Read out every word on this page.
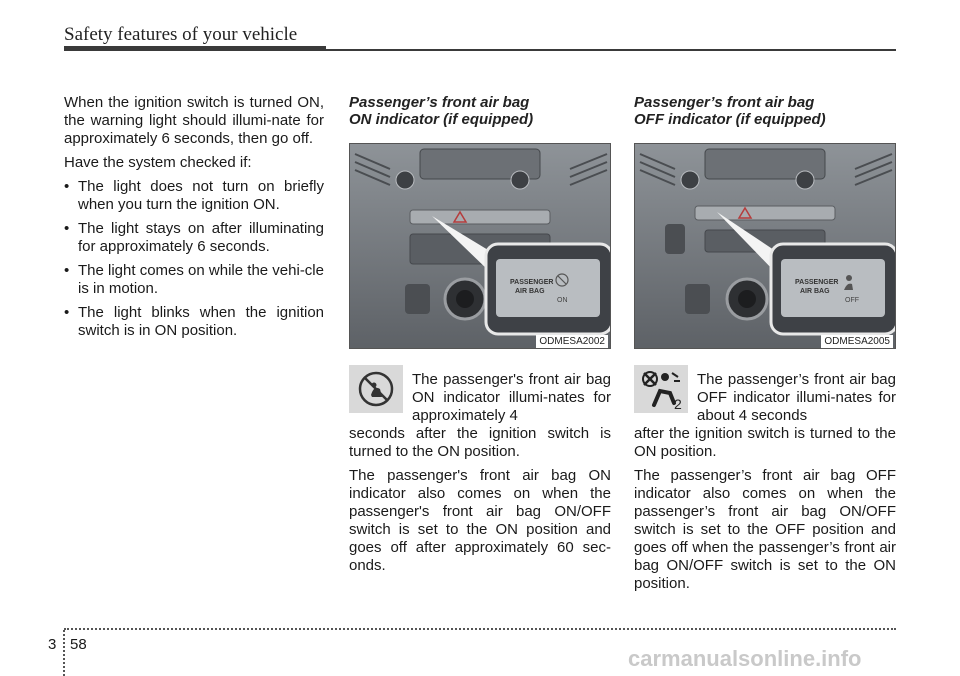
Safety features of your vehicle

When the ignition switch is turned ON, the warning light should illumi-nate for approximately 6 seconds, then go off.

Have the system checked if:

• The light does not turn on briefly when you turn the ignition ON.
• The light stays on after illuminating for approximately 6 seconds.
• The light comes on while the vehi-cle is in motion.
• The light blinks when the ignition switch is in ON position.
Passenger’s front air bag
ON indicator (if equipped)
PASSENGER
AIR BAG
ON
ODMESA2002
The passenger's front air bag ON indicator illumi-nates for approximately 4

seconds after the ignition switch is turned to the ON position.

The passenger's front air bag ON indicator also comes on when the passenger's front air bag ON/OFF switch is set to the ON position and goes off after approximately 60 sec-onds.

Passenger’s front air bag
OFF indicator (if equipped)
PASSENGER
AIR BAG
OFF
ODMESA2005
2
The passenger’s front air bag OFF indicator illumi-nates for about 4 seconds

after the ignition switch is turned to the ON position.

The passenger’s front air bag OFF indicator also comes on when the passenger’s front air bag ON/OFF switch is set to the OFF position and goes off when the passenger’s front air bag ON/OFF switch is set to the ON position.

3 58
carmanualsonline.info
